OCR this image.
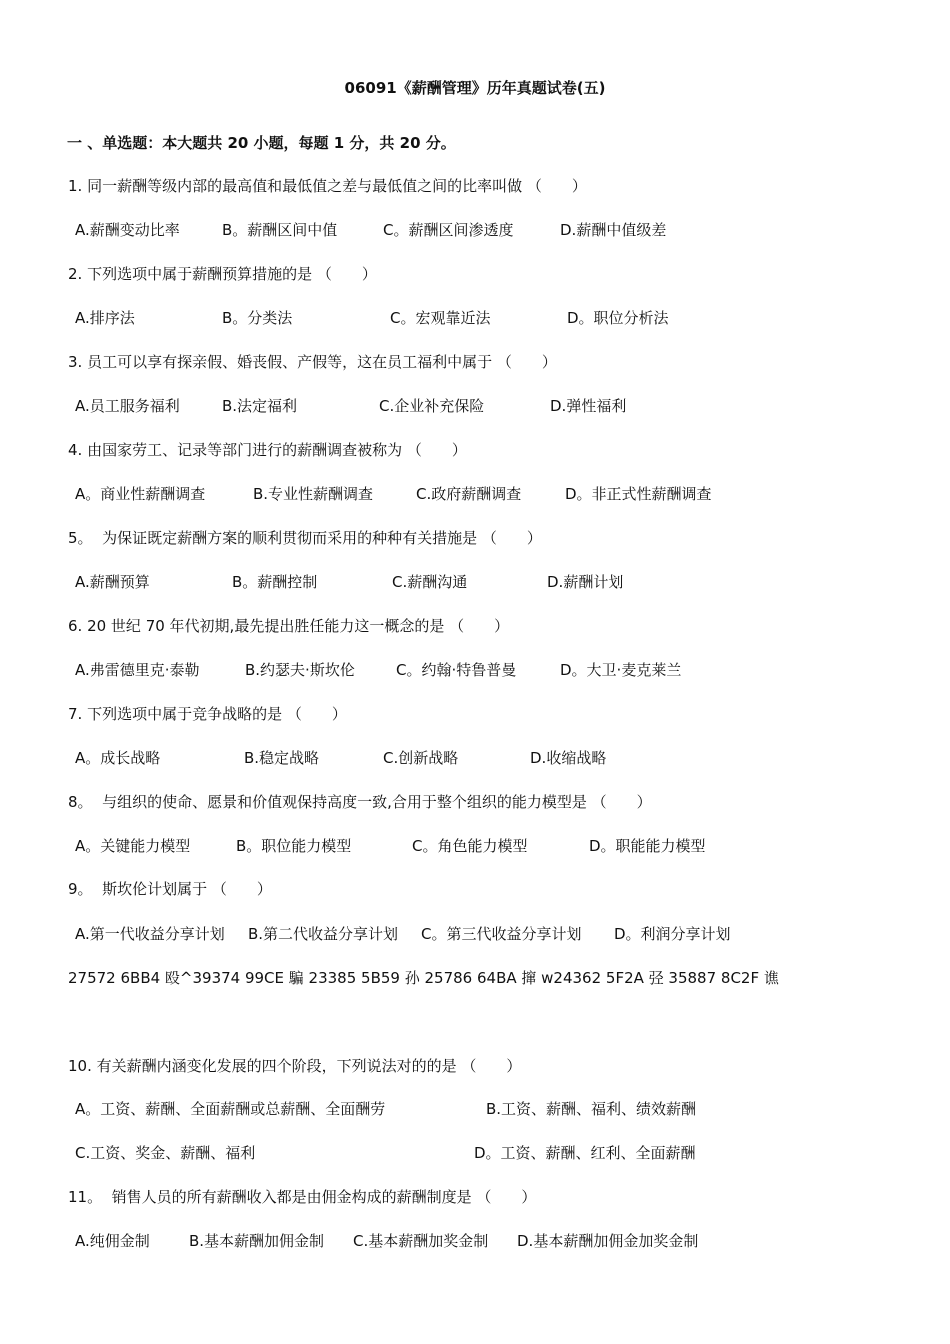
06091《薪酬管理》历年真题试卷(五)
一 、单选题：本大题共 20 小题，每题 1 分，共 20 分。
1. 同一薪酬等级内部的最高值和最低值之差与最低值之间的比率叫做 （　　）
A.薪酬变动比率	B。薪酬区间中值	C。薪酬区间渗透度	D.薪酬中值级差
2. 下列选项中属于薪酬预算措施的是 （　　）
A.排序法	B。分类法	C。宏观靠近法	D。职位分析法
3. 员工可以享有探亲假、婚丧假、产假等，这在员工福利中属于 （　　）
A.员工服务福利	B.法定福利	C.企业补充保险	D.弹性福利
4. 由国家劳工、记录等部门进行的薪酬调查被称为 （　　）
A。商业性薪酬调查	B.专业性薪酬调查	C.政府薪酬调查	D。非正式性薪酬调查
5。  为保证既定薪酬方案的顺利贯彻而采用的种种有关措施是 （　　）
A.薪酬预算	B。薪酬控制	C.薪酬沟通	D.薪酬计划
6. 20 世纪 70 年代初期,最先提出胜任能力这一概念的是 （　　）
A.弗雷德里克·泰勒	B.约瑟夫·斯坎伦	C。约翰·特鲁普曼	D。大卫·麦克莱兰
7. 下列选项中属于竞争战略的是 （　　）
A。成长战略	B.稳定战略	C.创新战略	D.收缩战略
8。  与组织的使命、愿景和价值观保持高度一致,合用于整个组织的能力模型是 （　　）
A。关键能力模型	B。职位能力模型	C。角色能力模型	D。职能能力模型
9。  斯坎伦计划属于 （　　）
A.第一代收益分享计划 B.第二代收益分享计划 C。第三代收益分享计划 D。利润分享计划
27572 6BB4 殴^39374 99CE 騙 23385 5B59 孙 25786 64BA 撺 w24362 5F2A 弪 35887 8C2F 谯
10. 有关薪酬内涵变化发展的四个阶段，下列说法对的的是 （　　）
A。工资、薪酬、全面薪酬或总薪酬、全面酬劳	B.工资、薪酬、福利、绩效薪酬
C.工资、奖金、薪酬、福利	D。工资、薪酬、红利、全面薪酬
11。  销售人员的所有薪酬收入都是由佣金构成的薪酬制度是 （　　）
A.纯佣金制	B.基本薪酬加佣金制 C.基本薪酬加奖金制 D.基本薪酬加佣金加奖金制
